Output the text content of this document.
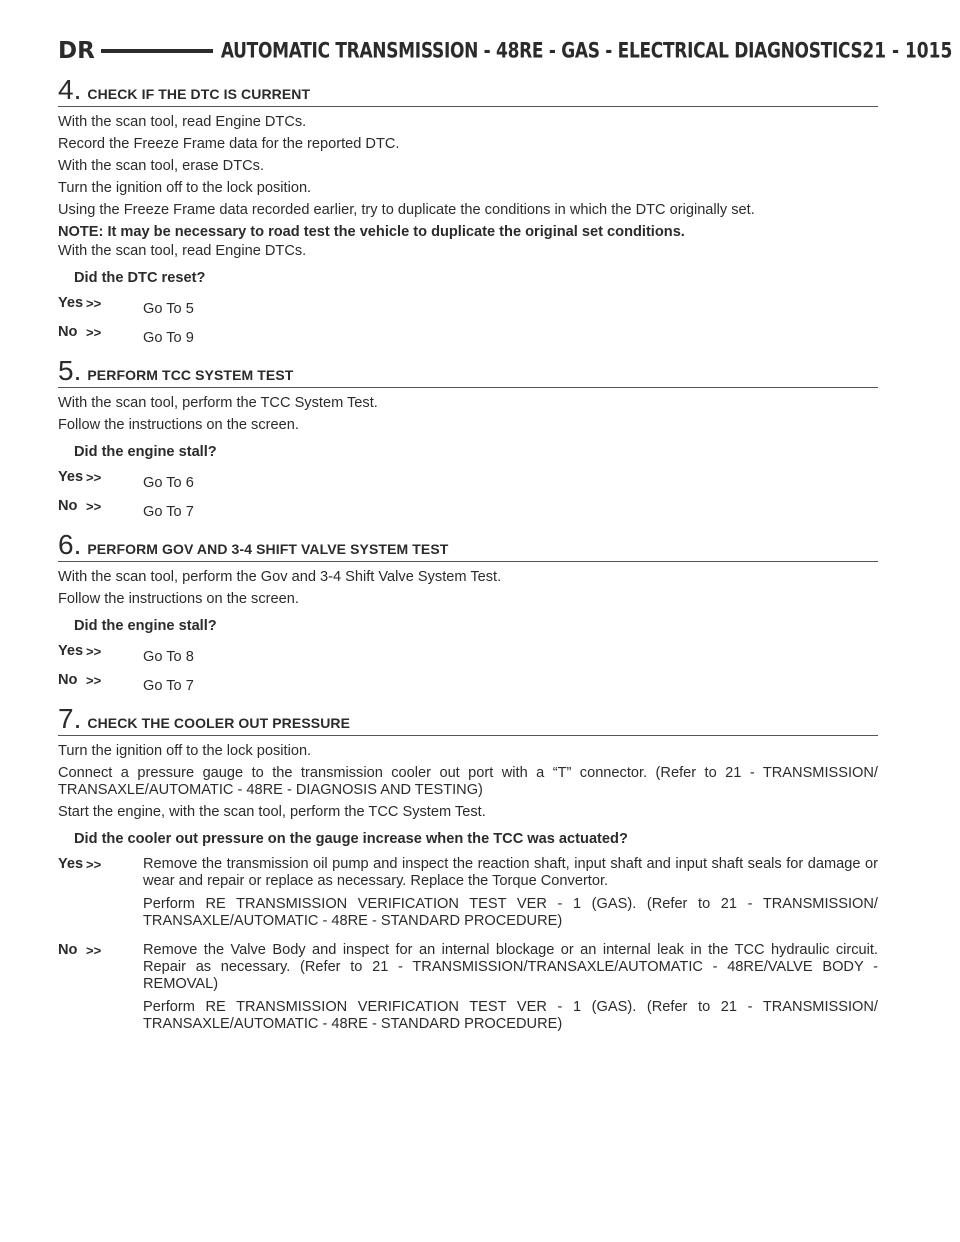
DR	AUTOMATIC TRANSMISSION - 48RE - GAS - ELECTRICAL DIAGNOSTICS 21 - 1015
4 . CHECK IF THE DTC IS CURRENT

With the scan tool, read Engine DTCs.

Record the Freeze Frame data for the reported DTC.

With the scan tool, erase DTCs.

Turn the ignition off to the lock position.

Using the Freeze Frame data recorded earlier, try to duplicate the conditions in which the DTC originally set.

NOTE: It may be necessary to road test the vehicle to duplicate the original set conditions.

With the scan tool, read Engine DTCs.

Did the DTC reset?

Yes >>	Go To 5
No >>	Go To 9
5 . PERFORM TCC SYSTEM TEST

With the scan tool, perform the TCC System Test.

Follow the instructions on the screen.

Did the engine stall?

Yes >>	Go To 6
No >>	Go To 7
6 . PERFORM GOV AND 3-4 SHIFT VALVE SYSTEM TEST

With the scan tool, perform the Gov and 3-4 Shift Valve System Test.

Follow the instructions on the screen.

Did the engine stall?

Yes >>	Go To 8
No >>	Go To 7
7 . CHECK THE COOLER OUT PRESSURE

Turn the ignition off to the lock position.

Connect a pressure gauge to the transmission cooler out port with a “T” connector. (Refer to 21 - TRANSMISSION/ TRANSAXLE/AUTOMATIC - 48RE - DIAGNOSIS AND TESTING)

Start the engine, with the scan tool, perform the TCC System Test.

Did the cooler out pressure on the gauge increase when the TCC was actuated?

Yes >>	Remove the transmission oil pump and inspect the reaction shaft, input shaft and input shaft seals for damage or wear and repair or replace as necessary. Replace the Torque Convertor.

Perform RE TRANSMISSION VERIFICATION TEST VER - 1 (GAS). (Refer to 21 - TRANSMISSION/ TRANSAXLE/AUTOMATIC - 48RE - STANDARD PROCEDURE)

No >>	Remove the Valve Body and inspect for an internal blockage or an internal leak in the TCC hydraulic circuit. Repair as necessary. (Refer to 21 - TRANSMISSION/TRANSAXLE/AUTOMATIC - 48RE/VALVE BODY - REMOVAL)

Perform RE TRANSMISSION VERIFICATION TEST VER - 1 (GAS). (Refer to 21 - TRANSMISSION/ TRANSAXLE/AUTOMATIC - 48RE - STANDARD PROCEDURE)
